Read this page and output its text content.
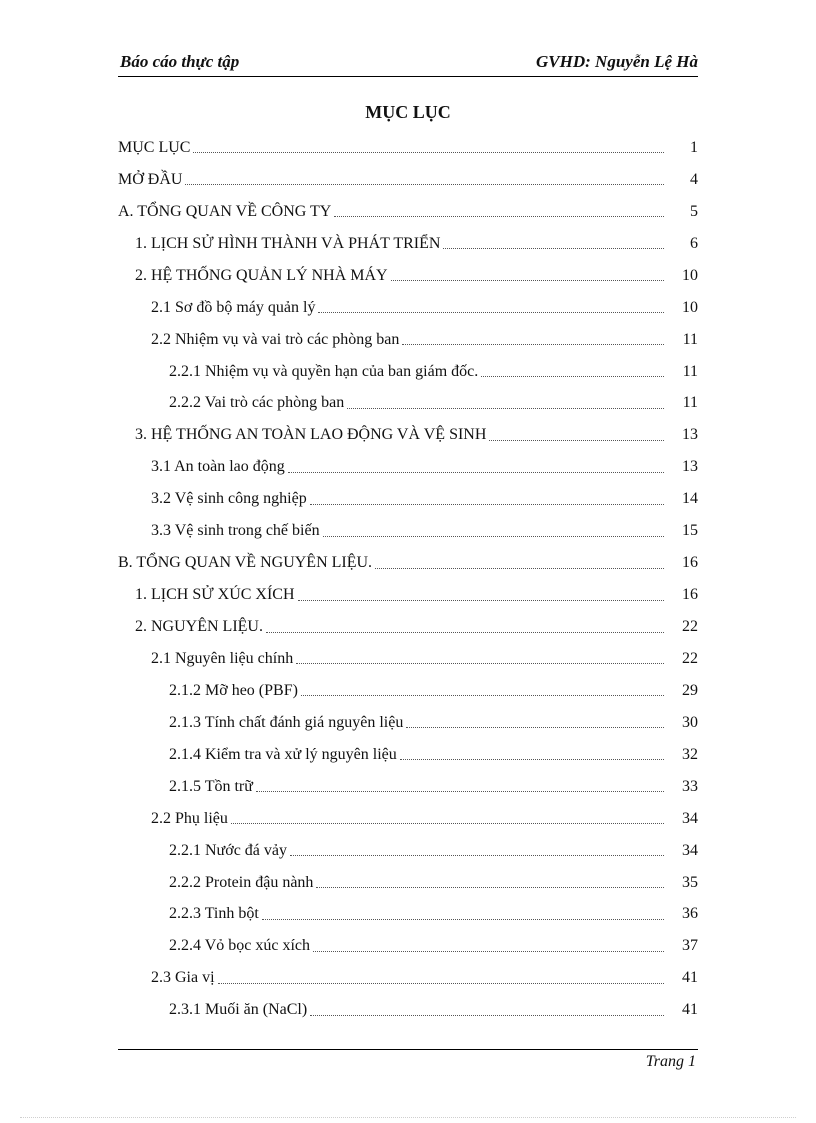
Báo cáo thực tập	GVHD: Nguyễn Lệ Hà
MỤC LỤC
MỤC LỤC	1
MỞ ĐẦU	4
A. TỔNG QUAN VỀ CÔNG TY	5
1. LỊCH SỬ HÌNH THÀNH VÀ PHÁT TRIỂN	6
2. HỆ THỐNG QUẢN LÝ NHÀ MÁY	10
2.1 Sơ đồ bộ máy quản lý	10
2.2 Nhiệm vụ và vai trò các phòng ban	11
2.2.1 Nhiệm vụ và quyền hạn của ban giám đốc.	11
2.2.2 Vai trò các phòng ban	11
3. HỆ THỐNG AN TOÀN LAO ĐỘNG VÀ VỆ SINH	13
3.1 An toàn lao động	13
3.2 Vệ sinh công nghiệp	14
3.3 Vệ sinh trong chế biến	15
B. TỔNG QUAN VỀ NGUYÊN LIỆU.	16
1. LỊCH SỬ XÚC XÍCH	16
2. NGUYÊN LIỆU.	22
2.1 Nguyên liệu chính	22
2.1.2 Mỡ heo (PBF)	29
2.1.3 Tính chất đánh giá nguyên liệu	30
2.1.4 Kiểm tra và xử lý nguyên liệu	32
2.1.5 Tồn trữ	33
2.2 Phụ liệu	34
2.2.1 Nước đá vảy	34
2.2.2 Protein đậu nành	35
2.2.3 Tinh bột	36
2.2.4 Vỏ bọc xúc xích	37
2.3 Gia vị	41
2.3.1 Muối ăn (NaCl)	41
Trang 1
